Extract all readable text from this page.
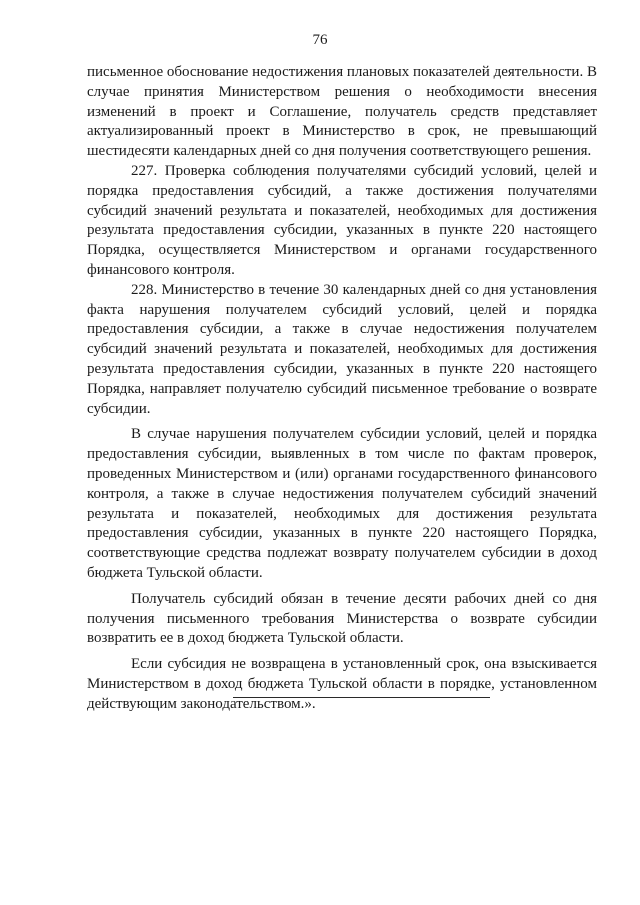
76

письменное обоснование недостижения плановых показателей деятельности. В случае принятия Министерством решения о необходимости внесения изменений в проект и Соглашение, получатель средств представляет актуализированный проект в Министерство в срок, не превышающий шестидесяти календарных дней со дня получения соответствующего решения.

227. Проверка соблюдения получателями субсидий условий, целей и порядка предоставления субсидий, а также достижения получателями субсидий значений результата и показателей, необходимых для достижения результата предоставления субсидии, указанных в пункте 220 настоящего Порядка, осуществляется Министерством и органами государственного финансового контроля.

228. Министерство в течение 30 календарных дней со дня установления факта нарушения получателем субсидий условий, целей и порядка предоставления субсидии, а также в случае недостижения получателем субсидий значений результата и показателей, необходимых для достижения результата предоставления субсидии, указанных в пункте 220 настоящего Порядка, направляет получателю субсидий письменное требование о возврате субсидии.

В случае нарушения получателем субсидии условий, целей и порядка предоставления субсидии, выявленных в том числе по фактам проверок, проведенных Министерством и (или) органами государственного финансового контроля, а также в случае недостижения получателем субсидий значений результата и показателей, необходимых для достижения результата предоставления субсидии, указанных в пункте 220 настоящего Порядка, соответствующие средства подлежат возврату получателем субсидии в доход бюджета Тульской области.

Получатель субсидий обязан в течение десяти рабочих дней со дня получения письменного требования Министерства о возврате субсидии возвратить ее в доход бюджета Тульской области.

Если субсидия не возвращена в установленный срок, она взыскивается Министерством в доход бюджета Тульской области в порядке, установленном действующим законодательством.».
